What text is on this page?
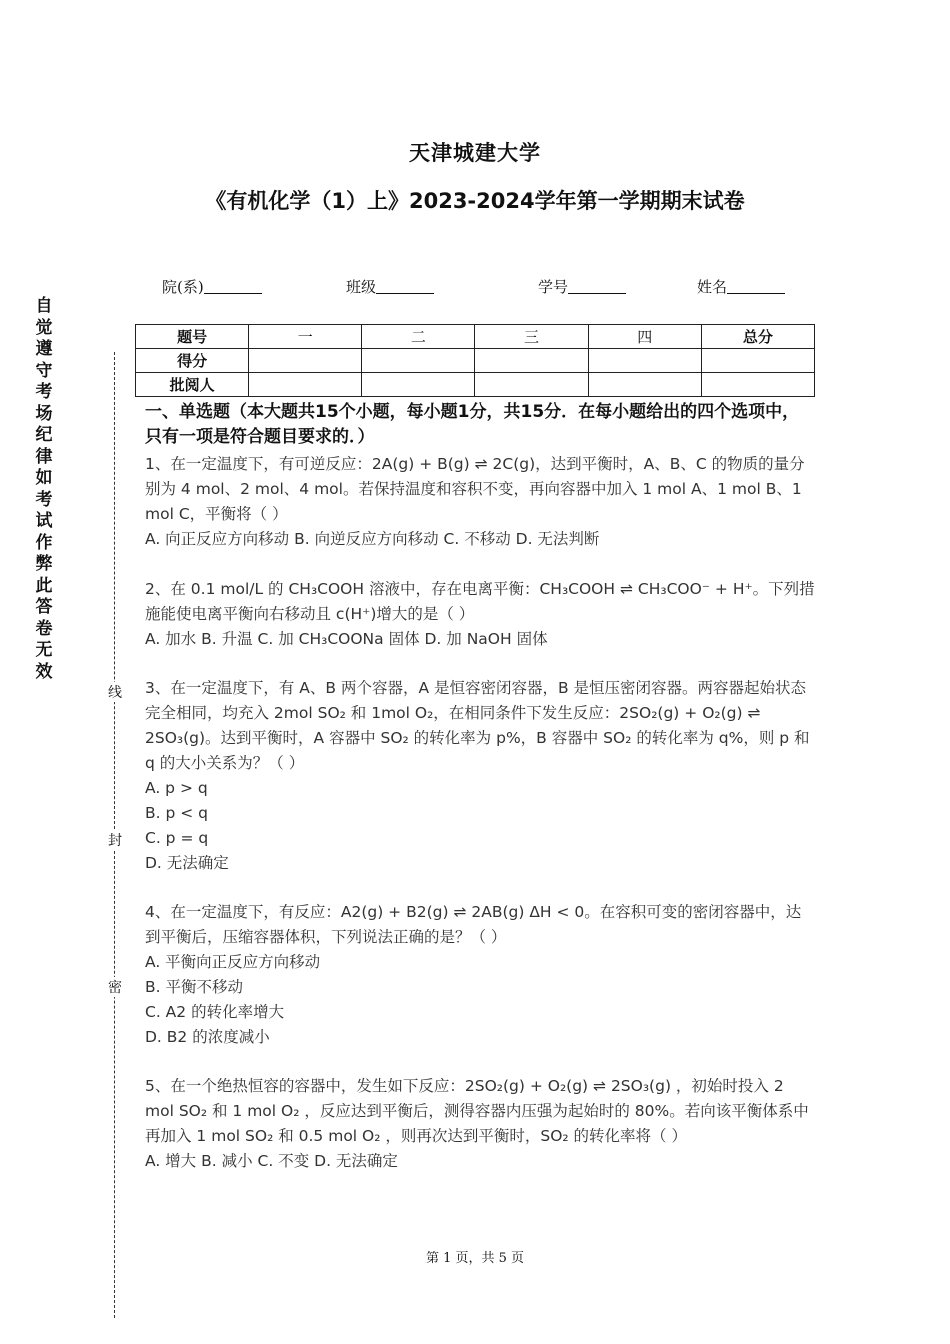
天津城建大学
《有机化学（1）上》2023-2024学年第一学期期末试卷
院(系)	班级	学号	姓名
题号	一	二	三	四	总分
得分					
批阅人					
自觉遵守考场纪律如考试作弊此答卷无效
线
封
密
一、单选题（本大题共15个小题，每小题1分，共15分．在每小题给出的四个选项中，只有一项是符合题目要求的．）

1、在一定温度下，有可逆反应：2A(g) + B(g) ⇌ 2C(g)，达到平衡时，A、B、C 的物质的量分别为 4 mol、2 mol、4 mol。若保持温度和容积不变，再向容器中加入 1 mol A、1 mol B、1 mol C，平衡将（ ）

A. 向正反应方向移动 B. 向逆反应方向移动 C. 不移动 D. 无法判断

2、在 0.1 mol/L 的 CH₃COOH 溶液中，存在电离平衡：CH₃COOH ⇌ CH₃COO⁻ + H⁺。下列措施能使电离平衡向右移动且 c(H⁺)增大的是（ ）

A. 加水 B. 升温 C. 加 CH₃COONa 固体 D. 加 NaOH 固体

3、在一定温度下，有 A、B 两个容器，A 是恒容密闭容器，B 是恒压密闭容器。两容器起始状态完全相同，均充入 2mol SO₂ 和 1mol O₂，在相同条件下发生反应：2SO₂(g) + O₂(g) ⇌ 2SO₃(g)。达到平衡时，A 容器中 SO₂ 的转化率为 p%，B 容器中 SO₂ 的转化率为 q%，则 p 和 q 的大小关系为？（ ）

A. p > q

B. p < q

C. p = q

D. 无法确定

4、在一定温度下，有反应：A2(g) + B2(g) ⇌ 2AB(g) ΔH < 0。在容积可变的密闭容器中，达到平衡后，压缩容器体积，下列说法正确的是？（ ）

A. 平衡向正反应方向移动

B. 平衡不移动

C. A2 的转化率增大

D. B2 的浓度减小

5、在一个绝热恒容的容器中，发生如下反应：2SO₂(g) + O₂(g) ⇌ 2SO₃(g) ，初始时投入 2 mol SO₂ 和 1 mol O₂ ，反应达到平衡后，测得容器内压强为起始时的 80%。若向该平衡体系中再加入 1 mol SO₂ 和 0.5 mol O₂ ，则再次达到平衡时，SO₂ 的转化率将（ ）

A. 增大 B. 减小 C. 不变 D. 无法确定

第 1 页，共 5 页
